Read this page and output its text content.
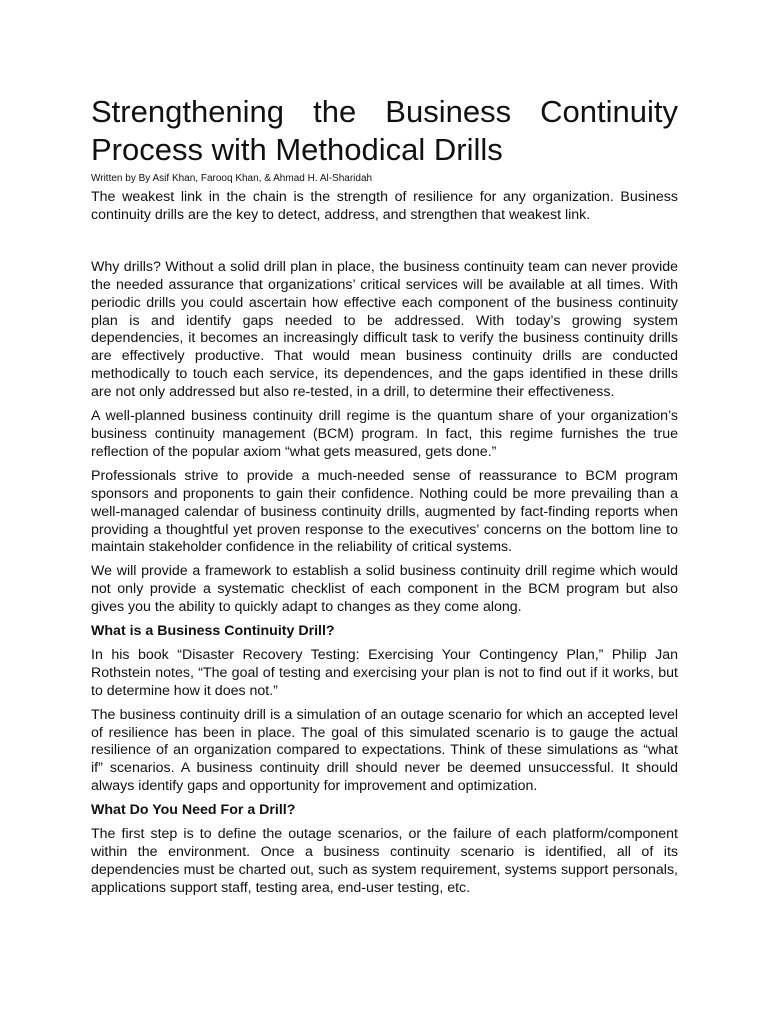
Strengthening the Business Continuity Process with Methodical Drills
Written by By Asif Khan, Farooq Khan, & Ahmad H. Al-Sharidah

The weakest link in the chain is the strength of resilience for any organization. Business continuity drills are the key to detect, address, and strengthen that weakest link.

Why drills? Without a solid drill plan in place, the business continuity team can never provide the needed assurance that organizations’ critical services will be available at all times. With periodic drills you could ascertain how effective each component of the business continuity plan is and identify gaps needed to be addressed. With today’s growing system dependencies, it becomes an increasingly difficult task to verify the business continuity drills are effectively productive. That would mean business continuity drills are conducted methodically to touch each service, its dependences, and the gaps identified in these drills are not only addressed but also re-tested, in a drill, to determine their effectiveness.

A well-planned business continuity drill regime is the quantum share of your organization’s business continuity management (BCM) program. In fact, this regime furnishes the true reflection of the popular axiom “what gets measured, gets done.”

Professionals strive to provide a much-needed sense of reassurance to BCM program sponsors and proponents to gain their confidence. Nothing could be more prevailing than a well-managed calendar of business continuity drills, augmented by fact-finding reports when providing a thoughtful yet proven response to the executives’ concerns on the bottom line to maintain stakeholder confidence in the reliability of critical systems.

We will provide a framework to establish a solid business continuity drill regime which would not only provide a systematic checklist of each component in the BCM program but also gives you the ability to quickly adapt to changes as they come along.

What is a Business Continuity Drill?

In his book “Disaster Recovery Testing: Exercising Your Contingency Plan,” Philip Jan Rothstein notes, “The goal of testing and exercising your plan is not to find out if it works, but to determine how it does not.”

The business continuity drill is a simulation of an outage scenario for which an accepted level of resilience has been in place. The goal of this simulated scenario is to gauge the actual resilience of an organization compared to expectations. Think of these simulations as “what if” scenarios. A business continuity drill should never be deemed unsuccessful. It should always identify gaps and opportunity for improvement and optimization.

What Do You Need For a Drill?

The first step is to define the outage scenarios, or the failure of each platform/component within the environment. Once a business continuity scenario is identified, all of its dependencies must be charted out, such as system requirement, systems support personals, applications support staff, testing area, end-user testing, etc.
